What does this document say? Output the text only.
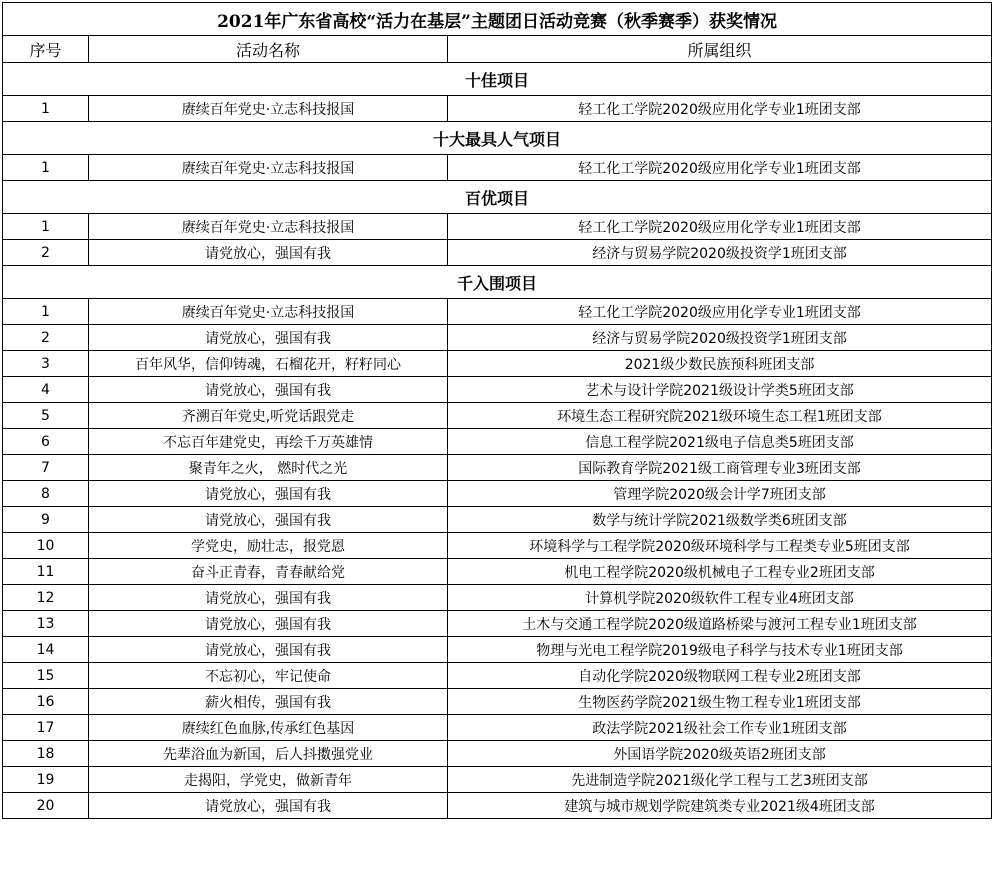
2021年广东省高校“活力在基层”主题团日活动竞赛（秋季赛季）获奖情况		
序号	活动名称	所属组织
十佳项目		
1	赓续百年党史·立志科技报国	轻工化工学院2020级应用化学专业1班团支部
十大最具人气项目		
1	赓续百年党史·立志科技报国	轻工化工学院2020级应用化学专业1班团支部
百优项目		
1	赓续百年党史·立志科技报国	轻工化工学院2020级应用化学专业1班团支部
2	请党放心，强国有我	经济与贸易学院2020级投资学1班团支部
千入围项目		
1	赓续百年党史·立志科技报国	轻工化工学院2020级应用化学专业1班团支部
2	请党放心，强国有我	经济与贸易学院2020级投资学1班团支部
3	百年风华，信仰铸魂，石榴花开，籽籽同心	2021级少数民族预科班团支部
4	请党放心，强国有我	艺术与设计学院2021级设计学类5班团支部
5	齐溯百年党史,听党话跟党走	环境生态工程研究院2021级环境生态工程1班团支部
6	不忘百年建党史，再绘千万英雄情	信息工程学院2021级电子信息类5班团支部
7	聚青年之火， 燃时代之光	国际教育学院2021级工商管理专业3班团支部
8	请党放心，强国有我	管理学院2020级会计学7班团支部
9	请党放心，强国有我	数学与统计学院2021级数学类6班团支部
10	学党史，励壮志，报党恩	环境科学与工程学院2020级环境科学与工程类专业5班团支部
11	奋斗正青春，青春献给党	机电工程学院2020级机械电子工程专业2班团支部
12	请党放心，强国有我	计算机学院2020级软件工程专业4班团支部
13	请党放心，强国有我	土木与交通工程学院2020级道路桥梁与渡河工程专业1班团支部
14	请党放心，强国有我	物理与光电工程学院2019级电子科学与技术专业1班团支部
15	不忘初心，牢记使命	自动化学院2020级物联网工程专业2班团支部
16	薪火相传，强国有我	生物医药学院2021级生物工程专业1班团支部
17	赓续红色血脉,传承红色基因	政法学院2021级社会工作专业1班团支部
18	先辈浴血为新国，后人抖擞强党业	外国语学院2020级英语2班团支部
19	走揭阳，学党史，做新青年	先进制造学院2021级化学工程与工艺3班团支部
20	请党放心，强国有我	建筑与城市规划学院建筑类专业2021级4班团支部
